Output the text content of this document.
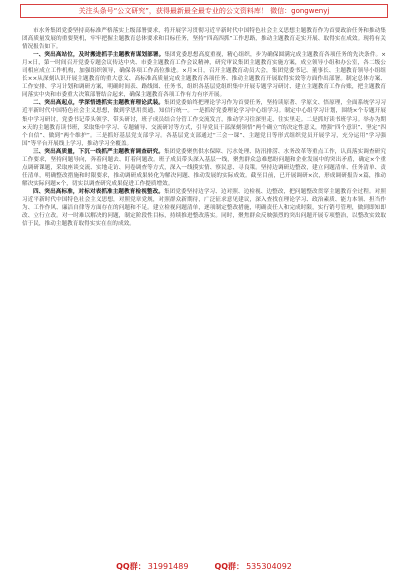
关注头条号“公文研究”，获得最新最全最专业的公文资料库！ 微信：gongwenyj

市水务集团党委坚持高标准严格落实上级部署要求，将开展学习贯彻习近平新时代中国特色社会主义思想主题教育作为首要政治任务和推动集团高质量发展的重要契机，牢牢把握主题教育总体要求和目标任务，坚持“四高四抓”工作思路，推动主题教育走实开展、取得实在成效。现将有关情况报告如下。

一、突出高站位，及时搬进抓手主题教育谋划部署。集团党委思想高度重视，精心组织，步为确保圆满完成主题教育各项任务的先决条件。×月×日，第一时间召开党委专题会议传达中央、市委主题教育工作会议精神，研究审议集团主题教育实施方案，成立领导小组和办公室，各二级公司相应成立工作机构，加强组织领导，确保各项工作高位推进。×月×日，召开主题教育动员大会，集团党委书记、董事长、主题教育领导小组组长××从深刻认识开展主题教育的重大意义、高标准高质量完成主题教育各项任务、推动主题教育开展取得实效等方面作出部署。制定总体方案、工作安排、学习计划和调研方案，明确时间表、路线图、任务书，组织各基层党组织集中开展专题学习研讨、建立主题教育工作台账，把主题教育同落实中央和市委重大决策部署结合起来，确保主题教育各项工作有力有序开展。

二、突出高起点，学深悟透抓实主题教育理论武装。集团党委始终把理论学习作为首要任务，坚持读原著、学原文、悟原理，全面系统学习习近平新时代中国特色社会主义思想，做到学思用贯通、知信行统一。一是抓好党委理论学习中心组学习。制定中心组学习计划，围绕×个专题开展集中学习研讨，党委书记带头领学、带头研讨，班子成员结合分管工作交流发言，推动学习往深里走、往实里走。二是抓好读书班学习。举办为期×天的主题教育读书班，采取集中学习、专题辅导、交流研讨等方式，引导党员干部深刻领悟“两个确立”的决定性意义，增强“四个意识”、坚定“四个自信”、做到“两个维护”。三是抓好基层党支部学习。各基层党支部通过“三会一课”、主题党日等形式组织党员开展学习，充分运用“学习强国”等平台开展线上学习，推动学习全覆盖。

三、突出高质量，下沉一线抓严主题教育调查研究。集团党委聚焦供水保障、污水处理、防汛排涝、水务改革等重点工作，认真落实调查研究工作要求，坚持问题导向，奔着问题去、盯着问题改。班子成员带头深入基层一线，聚焦群众急难愁盼问题和企业发展中的突出矛盾，确定×个重点调研课题，采取座谈交流、实地走访、问卷调查等方式，深入一线摸实情、察民意、寻良策。坚持边调研边整改，建立问题清单、任务清单、责任清单，明确整改措施和时限要求，推动调研成果转化为解决问题、推动发展的实际成效。截至目前，已开展调研×次，形成调研报告×篇，推动解决实际问题×个，切实以调查研究成果促进工作提质增效。

四、突出高标准，对标对表抓准主题教育检视整改。集团党委坚持边学习、边对照、边检视、边整改，把问题整改贯穿主题教育全过程。对照习近平新时代中国特色社会主义思想，对照党章党规，对照群众新期待，广泛征求意见建议，深入查找在理论学习、政治素质、能力本领、担当作为、工作作风、廉洁自律等方面存在的问题和不足。建立检视问题清单，逐项制定整改措施，明确责任人和完成时限，实行销号管理，做到即知即改、立行立改。对一时难以解决的问题，制定阶段性目标，持续推进整改落实。同时，聚焦群众反映强烈的突出问题开展专项整治，以整改实效取信于民，推动主题教育取得实实在在的成效。

QQ群： 31991489	QQ群： 535304092
